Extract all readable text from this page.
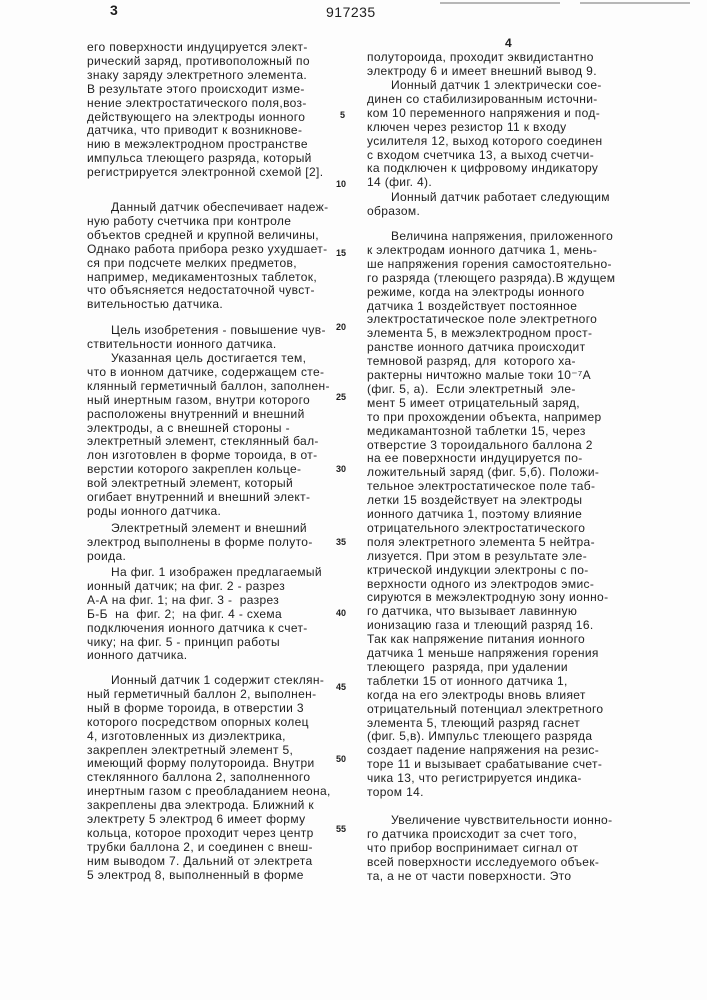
3	917235
4
его поверхности индуцируется элект-
рический заряд, противоположный по
знаку заряду электретного элемента.
В результате этого происходит изме-
нение электростатического поля,воз-
действующего на электроды ионного
датчика, что приводит к возникнове-
нию в межэлектродном пространстве
импульса тлеющего разряда, который
регистрируется электронной схемой [2].
Данный датчик обеспечивает надеж-
ную работу счетчика при контроле
объектов средней и крупной величины,
Однако работа прибора резко ухудшает-
ся при подсчете мелких предметов,
например, медикаментозных таблеток,
что объясняется недостаточной чувст-
вительностью датчика.
Цель изобретения - повышение чув-
ствительности ионного датчика.
Указанная цель достигается тем,
что в ионном датчике, содержащем сте-
клянный герметичный баллон, заполнен-
ный инертным газом, внутри которого
расположены внутренний и внешний
электроды, а с внешней стороны -
электретный элемент, стеклянный бал-
лон изготовлен в форме тороида, в от-
верстии которого закреплен кольце-
вой электретный элемент, который
огибает внутренний и внешний элект-
роды ионного датчика.
Электретный элемент и внешний
электрод выполнены в форме полуто-
роида.
На фиг. 1 изображен предлагаемый
ионный датчик; на фиг. 2 - разрез
А-А на фиг. 1; на фиг. 3 -  разрез
Б-Б  на  фиг. 2;  на фиг. 4 - схема
подключения ионного датчика к счет-
чику; на фиг. 5 - принцип работы
ионного датчика.
Ионный датчик 1 содержит стеклян-
ный герметичный баллон 2, выполнен-
ный в форме тороида, в отверстии 3
которого посредством опорных колец
4, изготовленных из диэлектрика,
закреплен электретный элемент 5,
имеющий форму полутороида. Внутри
стеклянного баллона 2, заполненного
инертным газом с преобладанием неона,
закреплены два электрода. Ближний к
электрету 5 электрод 6 имеет форму
кольца, которое проходит через центр
трубки баллона 2, и соединен с внеш-
ним выводом 7. Дальний от электрета
5 электрод 8, выполненный в форме
полутороида, проходит эквидистантно
электроду 6 и имеет внешний вывод 9.
Ионный датчик 1 электрически сое-
динен со стабилизированным источни-
ком 10 переменного напряжения и под-
ключен через резистор 11 к входу
усилителя 12, выход которого соединен
с входом счетчика 13, а выход счетчи-
ка подключен к цифровому индикатору
14 (фиг. 4).
Ионный датчик работает следующим
образом.
Величина напряжения, приложенного
к электродам ионного датчика 1, мень-
ше напряжения горения самостоятельно-
го разряда (тлеющего разряда).В ждущем
режиме, когда на электроды ионного
датчика 1 воздействует постоянное
электростатическое поле электретного
элемента 5, в межэлектродном прост-
ранстве ионного датчика происходит
темновой разряд, для  которого ха-
рактерны ничтожно малые токи 10⁻⁷А
(фиг. 5, а).  Если электретный  эле-
мент 5 имеет отрицательный заряд,
то при прохождении объекта, например
медикамантозной таблетки 15, через
отверстие 3 тороидального баллона 2
на ее поверхности индуцируется по-
ложительный заряд (фиг. 5,б). Положи-
тельное электростатическое поле таб-
летки 15 воздействует на электроды
ионного датчика 1, поэтому влияние
отрицательного электростатического
поля электретного элемента 5 нейтра-
лизуется. При этом в результате эле-
ктрической индукции электроны с по-
верхности одного из электродов эмис-
сируются в межэлектродную зону ионно-
го датчика, что вызывает лавинную
ионизацию газа и тлеющий разряд 16.
Так как напряжение питания ионного
датчика 1 меньше напряжения горения
тлеющего  разряда, при удалении
таблетки 15 от ионного датчика 1,
когда на его электроды вновь влияет
отрицательный потенциал электретного
элемента 5, тлеющий разряд гаснет
(фиг. 5,в). Импульс тлеющего разряда
создает падение напряжения на резис-
торе 11 и вызывает срабатывание счет-
чика 13, что регистрируется индика-
тором 14.
Увеличение чувствительности ионно-
го датчика происходит за счет того,
что прибор воспринимает сигнал от
всей поверхности исследуемого объек-
та, а не от части поверхности. Это
5
10
15
20
25
30
35
40
45
50
55
